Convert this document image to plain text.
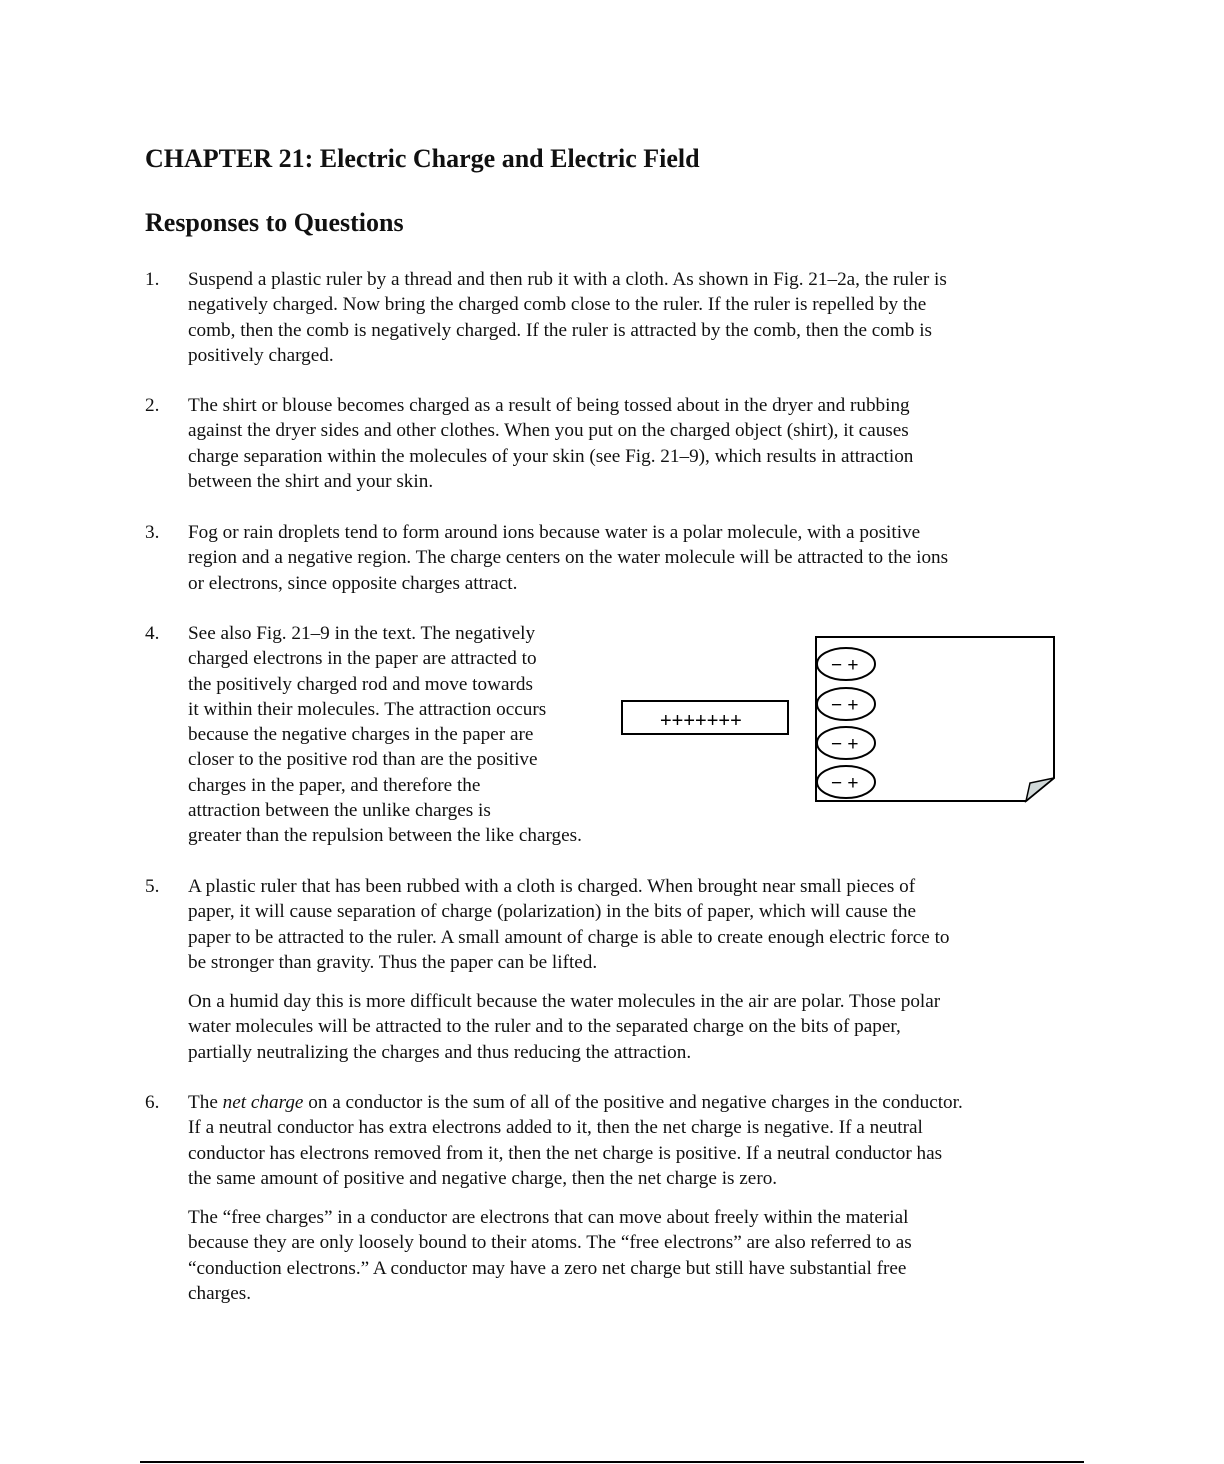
CHAPTER 21: Electric Charge and Electric Field
Responses to Questions
1. Suspend a plastic ruler by a thread and then rub it with a cloth. As shown in Fig. 21–2a, the ruler is
negatively charged. Now bring the charged comb close to the ruler. If the ruler is repelled by the
comb, then the comb is negatively charged. If the ruler is attracted by the comb, then the comb is
positively charged.
2. The shirt or blouse becomes charged as a result of being tossed about in the dryer and rubbing
against the dryer sides and other clothes. When you put on the charged object (shirt), it causes
charge separation within the molecules of your skin (see Fig. 21–9), which results in attraction
between the shirt and your skin.
3. Fog or rain droplets tend to form around ions because water is a polar molecule, with a positive
region and a negative region. The charge centers on the water molecule will be attracted to the ions
or electrons, since opposite charges attract.
4. See also Fig. 21–9 in the text. The negatively
charged electrons in the paper are attracted to
the positively charged rod and move towards
it within their molecules. The attraction occurs
because the negative charges in the paper are
closer to the positive rod than are the positive
charges in the paper, and therefore the
attraction between the unlike charges is
greater than the repulsion between the like charges.
5. A plastic ruler that has been rubbed with a cloth is charged. When brought near small pieces of
paper, it will cause separation of charge (polarization) in the bits of paper, which will cause the
paper to be attracted to the ruler. A small amount of charge is able to create enough electric force to
be stronger than gravity. Thus the paper can be lifted.
On a humid day this is more difficult because the water molecules in the air are polar. Those polar
water molecules will be attracted to the ruler and to the separated charge on the bits of paper,
partially neutralizing the charges and thus reducing the attraction.
6. The net charge on a conductor is the sum of all of the positive and negative charges in the conductor.
If a neutral conductor has extra electrons added to it, then the net charge is negative. If a neutral
conductor has electrons removed from it, then the net charge is positive. If a neutral conductor has
the same amount of positive and negative charge, then the net charge is zero.
The “free charges” in a conductor are electrons that can move about freely within the material
because they are only loosely bound to their atoms. The “free electrons” are also referred to as
“conduction electrons.” A conductor may have a zero net charge but still have substantial free
charges.
+++++++
− +
− +
− +
− +
